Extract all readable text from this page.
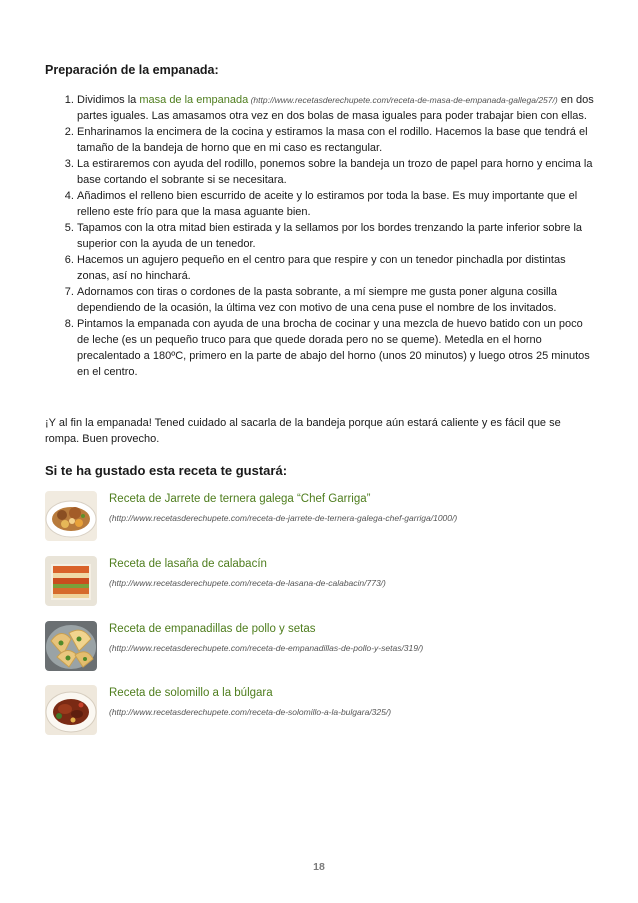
Preparación de la empanada:
1. Dividimos la masa de la empanada (http://www.recetasderechupete.com/receta-de-masa-de-empanada-gallega/257/) en dos partes iguales. Las amasamos otra vez en dos bolas de masa iguales para poder trabajar bien con ellas.
2. Enharinamos la encimera de la cocina y estiramos la masa con el rodillo. Hacemos la base que tendrá el tamaño de la bandeja de horno que en mi caso es rectangular.
3. La estiraremos con ayuda del rodillo, ponemos sobre la bandeja un trozo de papel para horno y encima la base cortando el sobrante si se necesitara.
4. Añadimos el relleno bien escurrido de aceite y lo estiramos por toda la base. Es muy importante que el relleno este frío para que la masa aguante bien.
5. Tapamos con la otra mitad bien estirada y la sellamos por los bordes trenzando la parte inferior sobre la superior con la ayuda de un tenedor.
6. Hacemos un agujero pequeño en el centro para que respire y con un tenedor pinchadla por distintas zonas, así no hinchará.
7. Adornamos con tiras o cordones de la pasta sobrante, a mí siempre me gusta poner alguna cosilla dependiendo de la ocasión, la última vez con motivo de una cena puse el nombre de los invitados.
8. Pintamos la empanada con ayuda de una brocha de cocinar y una mezcla de huevo batido con un poco de leche (es un pequeño truco para que quede dorada pero no se queme). Metedla en el horno precalentado a 180ºC, primero en la parte de abajo del horno (unos 20 minutos) y luego otros 25 minutos en el centro.

¡Y al fin la empanada! Tened cuidado al sacarla de la bandeja porque aún estará caliente y es fácil que se rompa. Buen provecho.

Si te ha gustado esta receta te gustará:
Receta de Jarrete de ternera galega “Chef Garriga”
(http://www.recetasderechupete.com/receta-de-jarrete-de-ternera-galega-chef-garriga/1000/)
Receta de lasaña de calabacín
(http://www.recetasderechupete.com/receta-de-lasana-de-calabacin/773/)
Receta de empanadillas de pollo y setas
(http://www.recetasderechupete.com/receta-de-empanadillas-de-pollo-y-setas/319/)
Receta de solomillo a la búlgara
(http://www.recetasderechupete.com/receta-de-solomillo-a-la-bulgara/325/)
18
